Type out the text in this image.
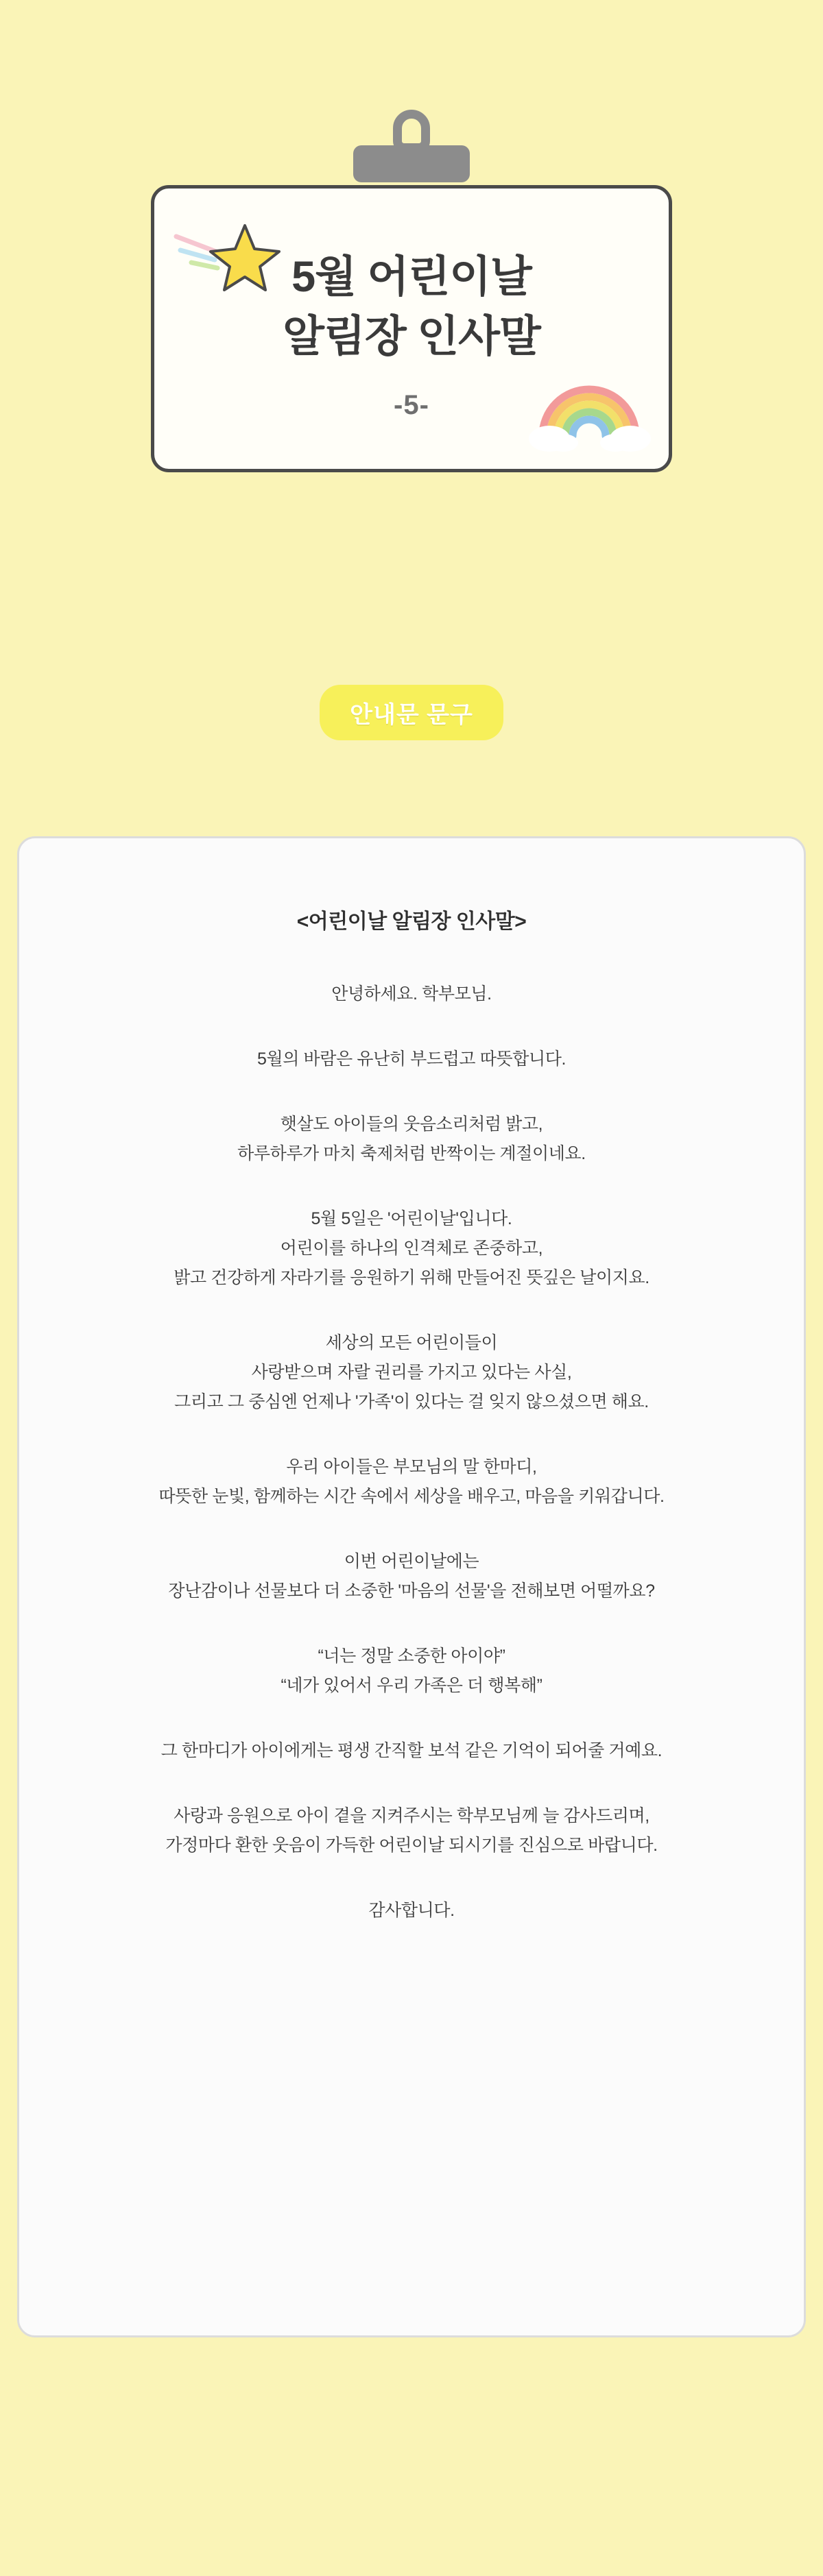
5월 어린이날
알림장 인사말
-5-
안내문 문구
<어린이날 알림장 인사말>
안녕하세요. 학부모님.
5월의 바람은 유난히 부드럽고 따뜻합니다.
햇살도 아이들의 웃음소리처럼 밝고,
하루하루가 마치 축제처럼 반짝이는 계절이네요.
5월 5일은 '어린이날'입니다.
어린이를 하나의 인격체로 존중하고,
밝고 건강하게 자라기를 응원하기 위해 만들어진 뜻깊은 날이지요.
세상의 모든 어린이들이
사랑받으며 자랄 권리를 가지고 있다는 사실,
그리고 그 중심엔 언제나 '가족'이 있다는 걸 잊지 않으셨으면 해요.
우리 아이들은 부모님의 말 한마디,
따뜻한 눈빛, 함께하는 시간 속에서 세상을 배우고, 마음을 키워갑니다.
이번 어린이날에는
장난감이나 선물보다 더 소중한 '마음의 선물'을 전해보면 어떨까요?
“너는 정말 소중한 아이야”
“네가 있어서 우리 가족은 더 행복해”
그 한마디가 아이에게는 평생 간직할 보석 같은 기억이 되어줄 거예요.
사랑과 응원으로 아이 곁을 지켜주시는 학부모님께 늘 감사드리며,
가정마다 환한 웃음이 가득한 어린이날 되시기를 진심으로 바랍니다.
감사합니다.
